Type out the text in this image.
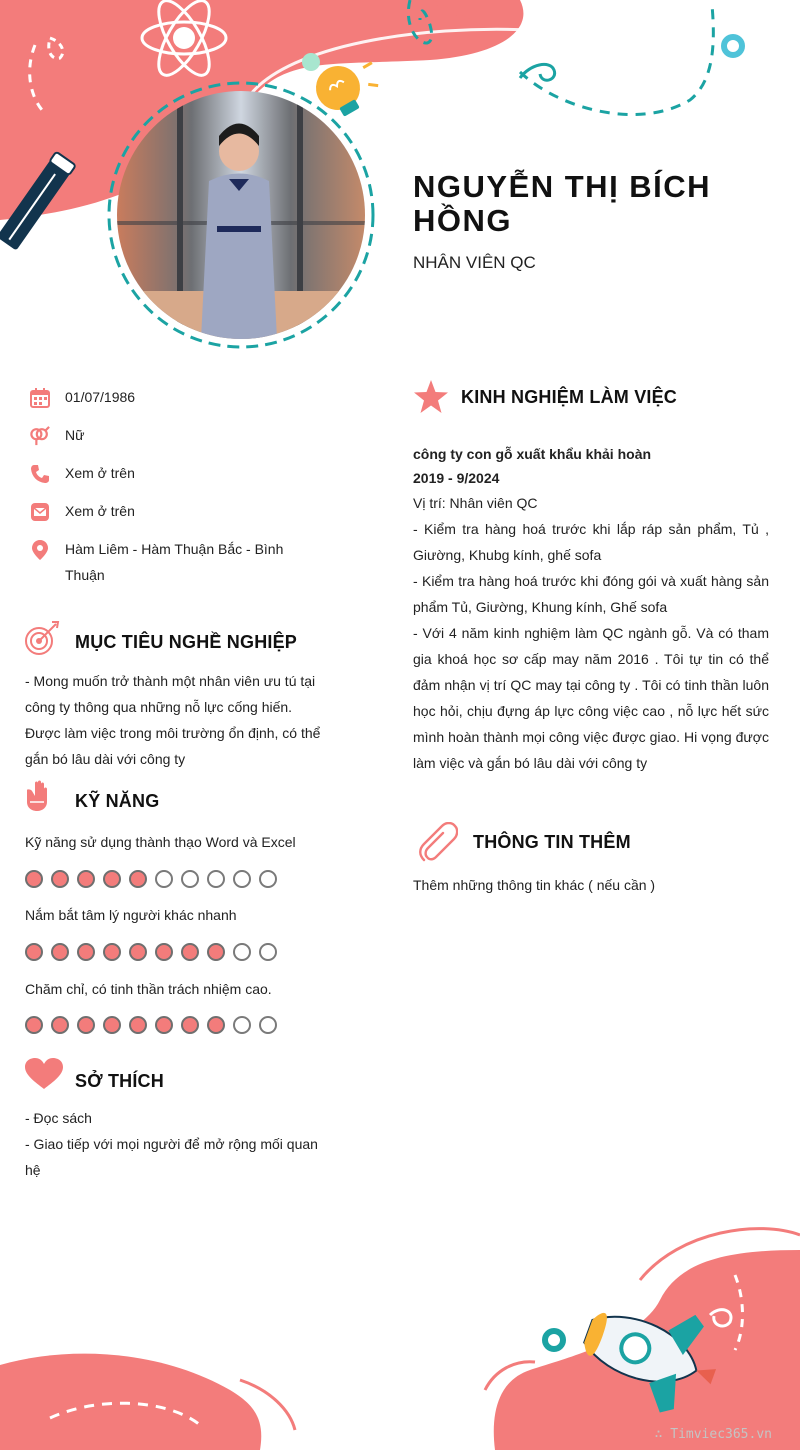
NGUYỄN THỊ BÍCH HỒNG
NHÂN VIÊN QC
01/07/1986
Nữ
Xem ở trên
Xem ở trên
Hàm Liêm - Hàm Thuận Bắc - Bình Thuận
MỤC TIÊU NGHỀ NGHIỆP
- Mong muốn trở thành một nhân viên ưu tú tại công ty thông qua những nỗ lực cống hiến. Được làm việc trong môi trường ổn định, có thể gắn bó lâu dài với công ty
KỸ NĂNG
Kỹ năng sử dụng thành thạo Word và Excel
Nắm bắt tâm lý người khác nhanh
Chăm chỉ, có tinh thần trách nhiệm cao.
SỞ THÍCH
- Đọc sách
- Giao tiếp với mọi người để mở rộng mối quan hệ
KINH NGHIỆM LÀM VIỆC
công ty con gỗ xuất khẩu khải hoàn
2019 - 9/2024
Vị trí: Nhân viên QC
- Kiểm tra hàng hoá trước khi lắp ráp sản phẩm, Tủ , Giường, Khubg kính, ghế sofa
- Kiểm tra hàng hoá trước khi đóng gói và xuất hàng sản phẩm Tủ, Giường, Khung kính, Ghế sofa
- Với 4 năm kinh nghiệm làm QC ngành gỗ. Và có tham gia khoá học sơ cấp may năm 2016 . Tôi tự tin có thể đảm nhận vị trí QC may tại công ty . Tôi có tinh thần luôn học hỏi, chịu đựng áp lực công việc cao , nỗ lực hết sức mình hoàn thành mọi công việc được giao. Hi vọng được làm việc và gắn bó lâu dài với công ty
THÔNG TIN THÊM
Thêm những thông tin khác ( nếu cần )
∴ Timviec365.vn
